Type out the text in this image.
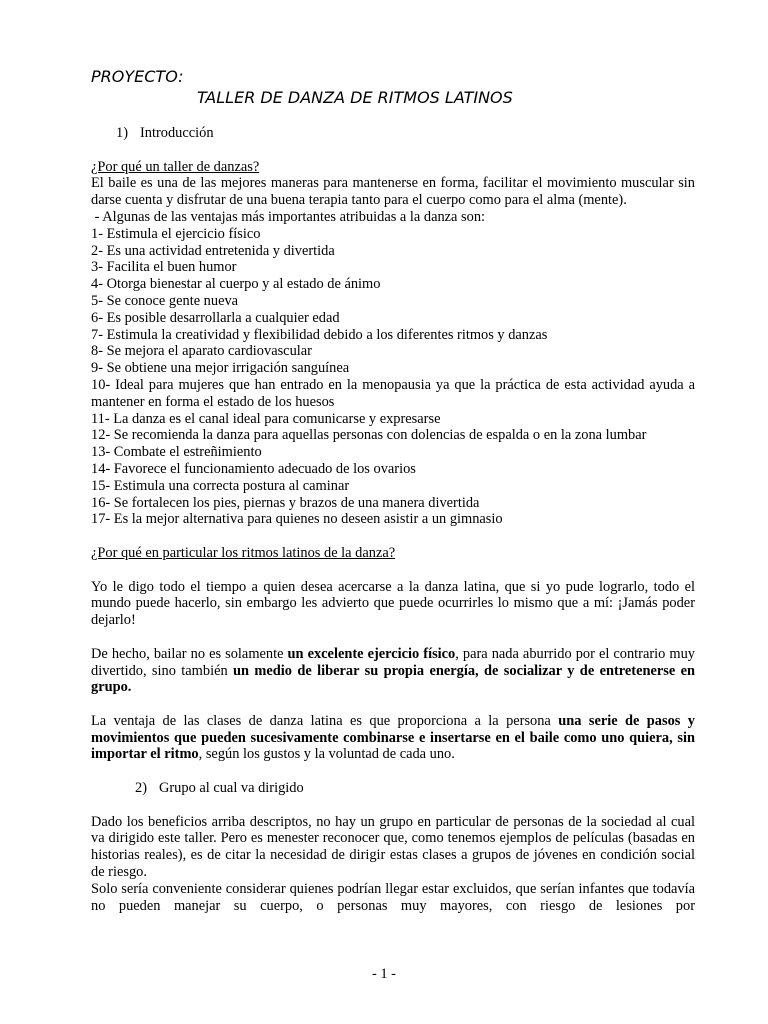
PROYECTO:
TALLER DE DANZA DE RITMOS LATINOS

1) Introducción

¿Por qué un taller de danzas?

El baile es una de las mejores maneras para mantenerse en forma, facilitar el movimiento muscular sin darse cuenta y disfrutar de una buena terapia tanto para el cuerpo como para el alma (mente).

- Algunas de las ventajas más importantes atribuidas a la danza son:

1- Estimula el ejercicio físico

2- Es una actividad entretenida y divertida

3- Facilita el buen humor

4- Otorga bienestar al cuerpo y al estado de ánimo

5- Se conoce gente nueva

6- Es posible desarrollarla a cualquier edad

7- Estimula la creatividad y flexibilidad debido a los diferentes ritmos y danzas

8- Se mejora el aparato cardiovascular

9- Se obtiene una mejor irrigación sanguínea

10- Ideal para mujeres que han entrado en la menopausia ya que la práctica de esta actividad ayuda a mantener en forma el estado de los huesos

11- La danza es el canal ideal para comunicarse y expresarse

12- Se recomienda la danza para aquellas personas con dolencias de espalda o en la zona lumbar

13- Combate el estreñimiento

14- Favorece el funcionamiento adecuado de los ovarios

15- Estimula una correcta postura al caminar

16- Se fortalecen los pies, piernas y brazos de una manera divertida

17- Es la mejor alternativa para quienes no deseen asistir a un gimnasio

¿Por qué en particular los ritmos latinos de la danza?

Yo le digo todo el tiempo a quien desea acercarse a la danza latina, que si yo pude lograrlo, todo el mundo puede hacerlo, sin embargo les advierto que puede ocurrirles lo mismo que a mí: ¡Jamás poder dejarlo!

De hecho, bailar no es solamente un excelente ejercicio físico, para nada aburrido por el contrario muy divertido, sino también un medio de liberar su propia energía, de socializar y de entretenerse en grupo.

La ventaja de las clases de danza latina es que proporciona a la persona una serie de pasos y movimientos que pueden sucesivamente combinarse e insertarse en el baile como uno quiera, sin importar el ritmo, según los gustos y la voluntad de cada uno.

2) Grupo al cual va dirigido

Dado los beneficios arriba descriptos, no hay un grupo en particular de personas de la sociedad al cual va dirigido este taller. Pero es menester reconocer que, como tenemos ejemplos de películas (basadas en historias reales), es de citar la necesidad de dirigir estas clases a grupos de jóvenes en condición social de riesgo.

Solo sería conveniente considerar quienes podrían llegar estar excluidos, que serían infantes que todavía no pueden manejar su cuerpo, o personas muy mayores, con riesgo de lesiones por

- 1 -
